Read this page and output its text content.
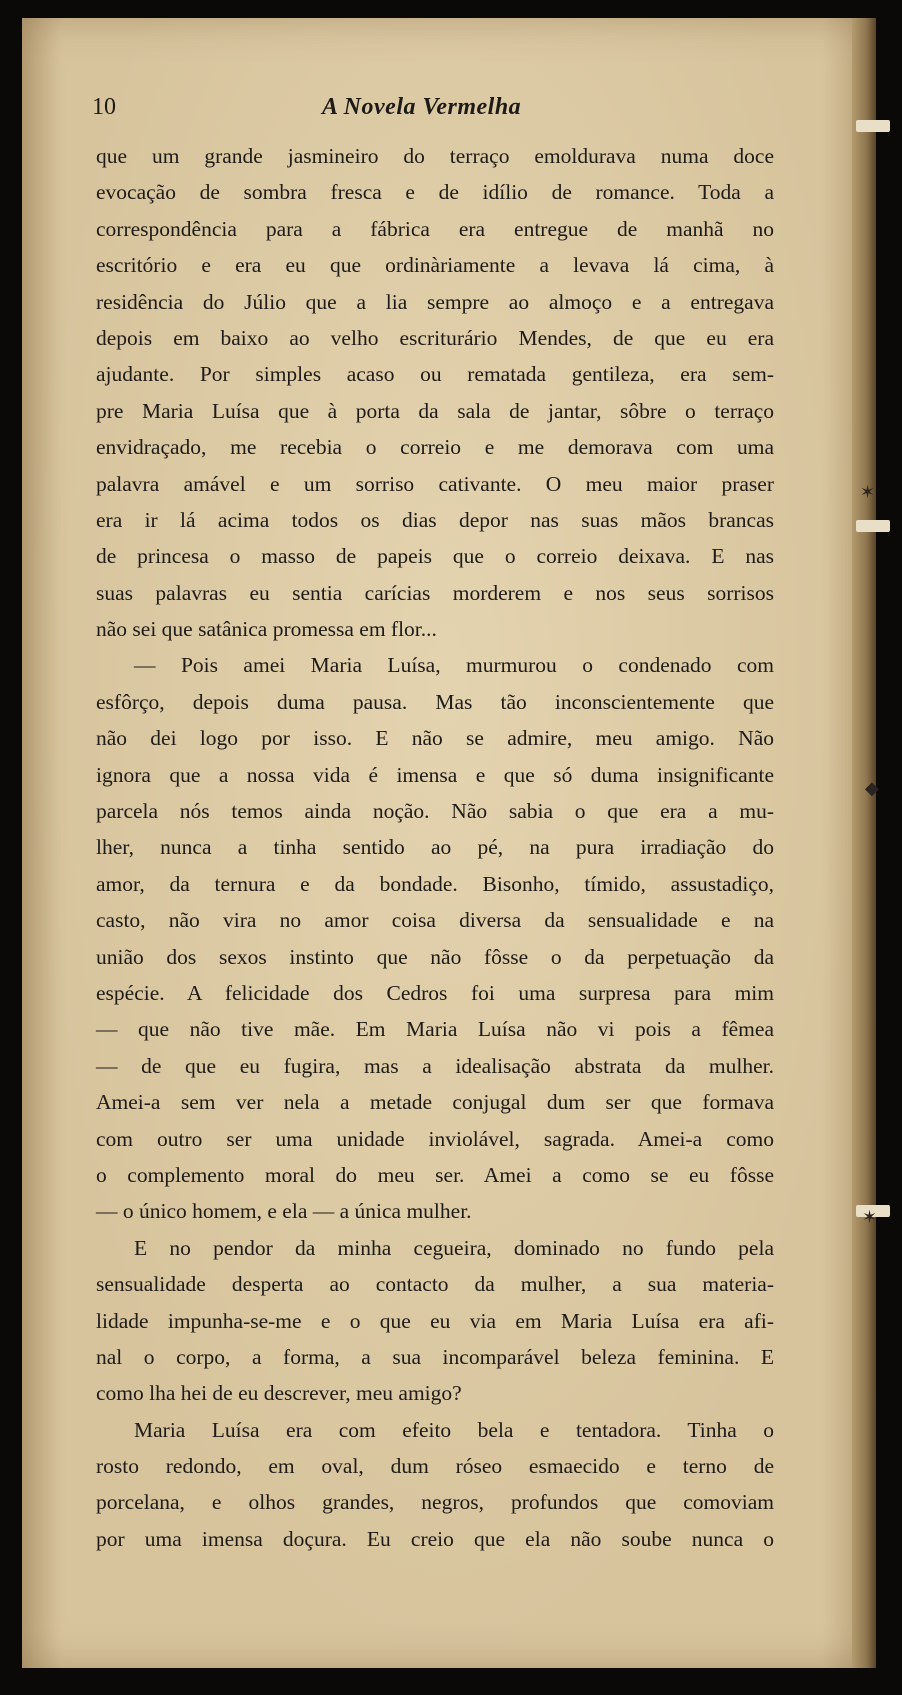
10	A Novela Vermelha
que um grande jasmineiro do terraço emoldurava numa doce
evocação de sombra fresca e de idílio de romance. Toda a
correspondência para a fábrica era entregue de manhã no
escritório e era eu que ordinàriamente a levava lá cima, à
residência do Júlio que a lia sempre ao almoço e a entregava
depois em baixo ao velho escriturário Mendes, de que eu era
ajudante. Por simples acaso ou rematada gentileza, era sem-
pre Maria Luísa que à porta da sala de jantar, sôbre o terraço
envidraçado, me recebia o correio e me demorava com uma
palavra amável e um sorriso cativante. O meu maior praser
era ir lá acima todos os dias depor nas suas mãos brancas
de princesa o masso de papeis que o correio deixava. E nas
suas palavras eu sentia carícias morderem e nos seus sorrisos
não sei que satânica promessa em flor...
— Pois amei Maria Luísa, murmurou o condenado com
esfôrço, depois duma pausa. Mas tão inconscientemente que
não dei logo por isso. E não se admire, meu amigo. Não
ignora que a nossa vida é imensa e que só duma insignificante
parcela nós temos ainda noção. Não sabia o que era a mu-
lher, nunca a tinha sentido ao pé, na pura irradiação do
amor, da ternura e da bondade. Bisonho, tímido, assustadiço,
casto, não vira no amor coisa diversa da sensualidade e na
união dos sexos instinto que não fôsse o da perpetuação da
espécie. A felicidade dos Cedros foi uma surpresa para mim
— que não tive mãe. Em Maria Luísa não vi pois a fêmea
— de que eu fugira, mas a idealisação abstrata da mulher.
Amei-a sem ver nela a metade conjugal dum ser que formava
com outro ser uma unidade inviolável, sagrada. Amei-a como
o complemento moral do meu ser. Amei a como se eu fôsse
— o único homem, e ela — a única mulher.
E no pendor da minha cegueira, dominado no fundo pela
sensualidade desperta ao contacto da mulher, a sua materia-
lidade impunha-se-me e o que eu via em Maria Luísa era afi-
nal o corpo, a forma, a sua incomparável beleza feminina. E
como lha hei de eu descrever, meu amigo?
Maria Luísa era com efeito bela e tentadora. Tinha o
rosto redondo, em oval, dum róseo esmaecido e terno de
porcelana, e olhos grandes, negros, profundos que comoviam
por uma imensa doçura. Eu creio que ela não soube nunca o
✶
◆
✶
